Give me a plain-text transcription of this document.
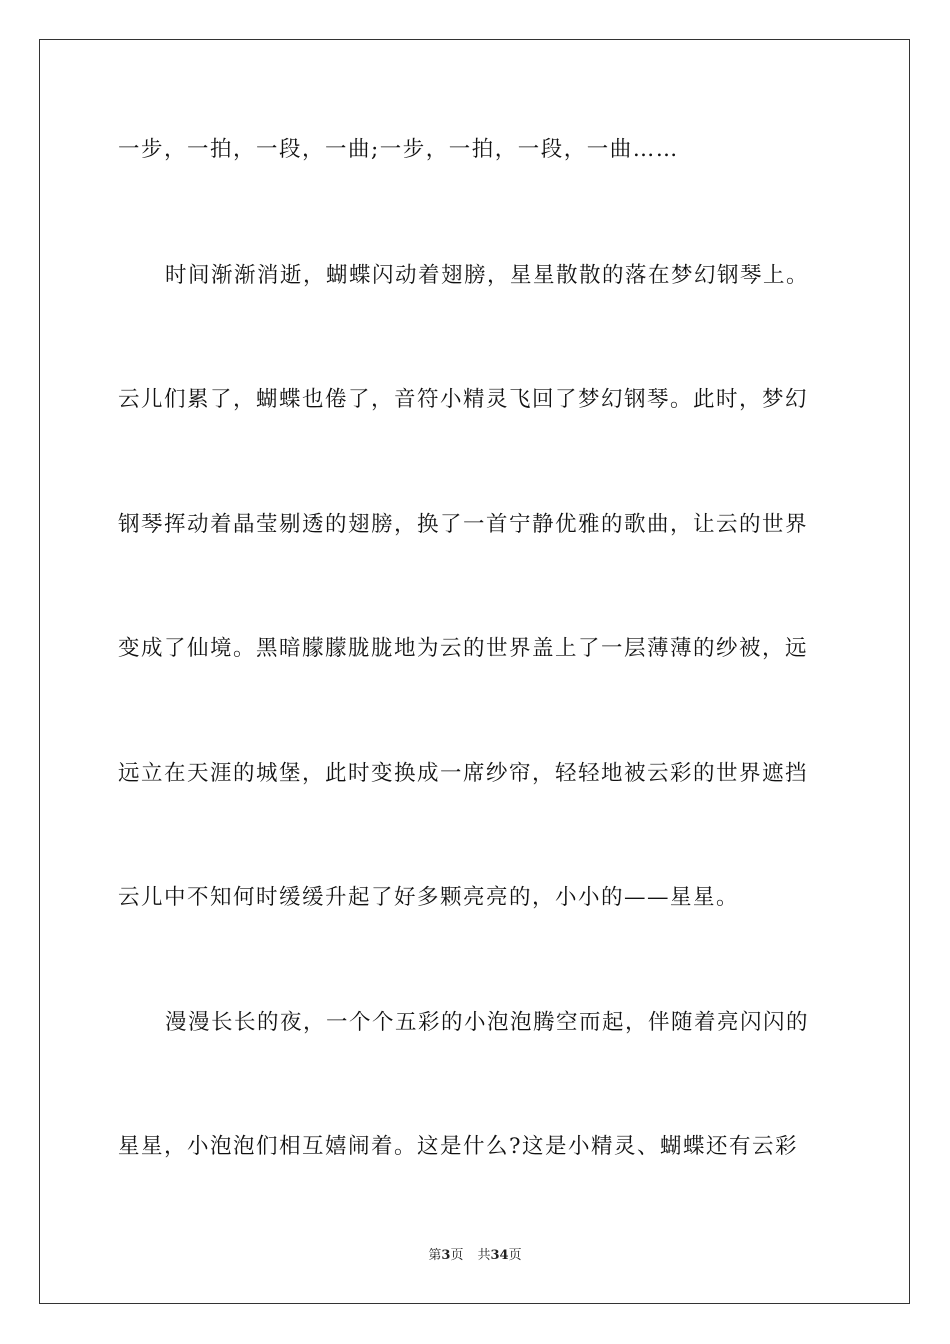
一步，一拍，一段，一曲;一步，一拍，一段，一曲……
时间渐渐消逝，蝴蝶闪动着翅膀，星星散散的落在梦幻钢琴上。
云儿们累了，蝴蝶也倦了，音符小精灵飞回了梦幻钢琴。此时，梦幻
钢琴挥动着晶莹剔透的翅膀，换了一首宁静优雅的歌曲，让云的世界
变成了仙境。黑暗朦朦胧胧地为云的世界盖上了一层薄薄的纱被，远
远立在天涯的城堡，此时变换成一席纱帘，轻轻地被云彩的世界遮挡
云儿中不知何时缓缓升起了好多颗亮亮的，小小的——星星。
漫漫长长的夜，一个个五彩的小泡泡腾空而起，伴随着亮闪闪的
星星，小泡泡们相互嬉闹着。这是什么?这是小精灵、蝴蝶还有云彩
第3页 共34页
